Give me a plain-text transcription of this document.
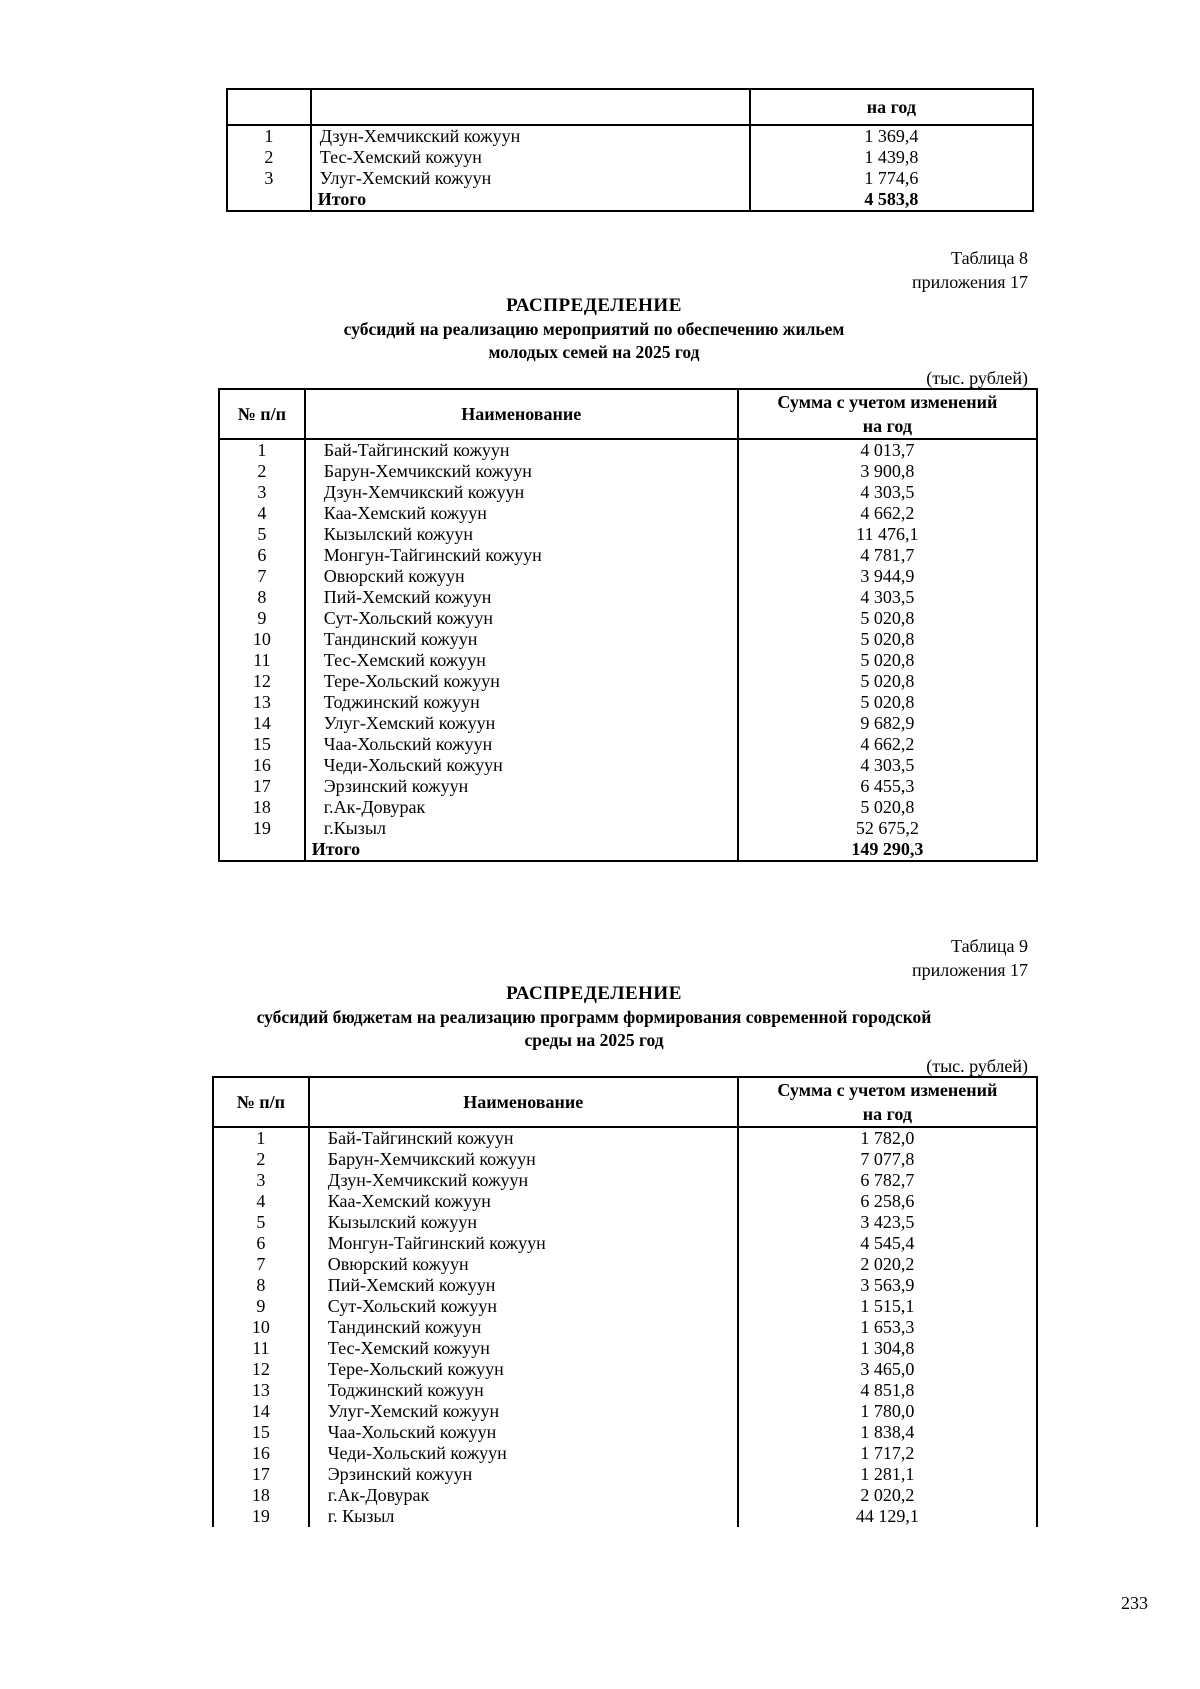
		на год
1	Дзун-Хемчикский кожуун	1 369,4
2	Тес-Хемский кожуун	1 439,8
3	Улуг-Хемский кожуун	1 774,6
	Итого	4 583,8
Таблица 8
приложения 17
РАСПРЕДЕЛЕНИЕ
субсидий на реализацию мероприятий по обеспечению жильем
молодых семей на 2025 год
(тыс. рублей)
№ п/п	Наименование	Сумма с учетом изменений
на год

1	Бай-Тайгинский кожуун	4 013,7
2	Барун-Хемчикский кожуун	3 900,8
3	Дзун-Хемчикский кожуун	4 303,5
4	Каа-Хемский кожуун	4 662,2
5	Кызылский кожуун	11 476,1
6	Монгун-Тайгинский кожуун	4 781,7
7	Овюрский кожуун	3 944,9
8	Пий-Хемский кожуун	4 303,5
9	Сут-Хольский кожуун	5 020,8
10	Тандинский кожуун	5 020,8
11	Тес-Хемский кожуун	5 020,8
12	Тере-Хольский кожуун	5 020,8
13	Тоджинский кожуун	5 020,8
14	Улуг-Хемский кожуун	9 682,9
15	Чаа-Хольский кожуун	4 662,2
16	Чеди-Хольский кожуун	4 303,5
17	Эрзинский кожуун	6 455,3
18	г.Ак-Довурак	5 020,8
19	г.Кызыл	52 675,2
	Итого	149 290,3
Таблица 9
приложения 17
РАСПРЕДЕЛЕНИЕ
субсидий бюджетам на реализацию программ формирования современной городской
среды на 2025 год
(тыс. рублей)
№ п/п	Наименование	Сумма с учетом изменений
на год

1	Бай-Тайгинский кожуун	1 782,0
2	Барун-Хемчикский кожуун	7 077,8
3	Дзун-Хемчикский кожуун	6 782,7
4	Каа-Хемский кожуун	6 258,6
5	Кызылский кожуун	3 423,5
6	Монгун-Тайгинский кожуун	4 545,4
7	Овюрский кожуун	2 020,2
8	Пий-Хемский кожуун	3 563,9
9	Сут-Хольский кожуун	1 515,1
10	Тандинский кожуун	1 653,3
11	Тес-Хемский кожуун	1 304,8
12	Тере-Хольский кожуун	3 465,0
13	Тоджинский кожуун	4 851,8
14	Улуг-Хемский кожуун	1 780,0
15	Чаа-Хольский кожуун	1 838,4
16	Чеди-Хольский кожуун	1 717,2
17	Эрзинский кожуун	1 281,1
18	г.Ак-Довурак	2 020,2
19	г. Кызыл	44 129,1
233
